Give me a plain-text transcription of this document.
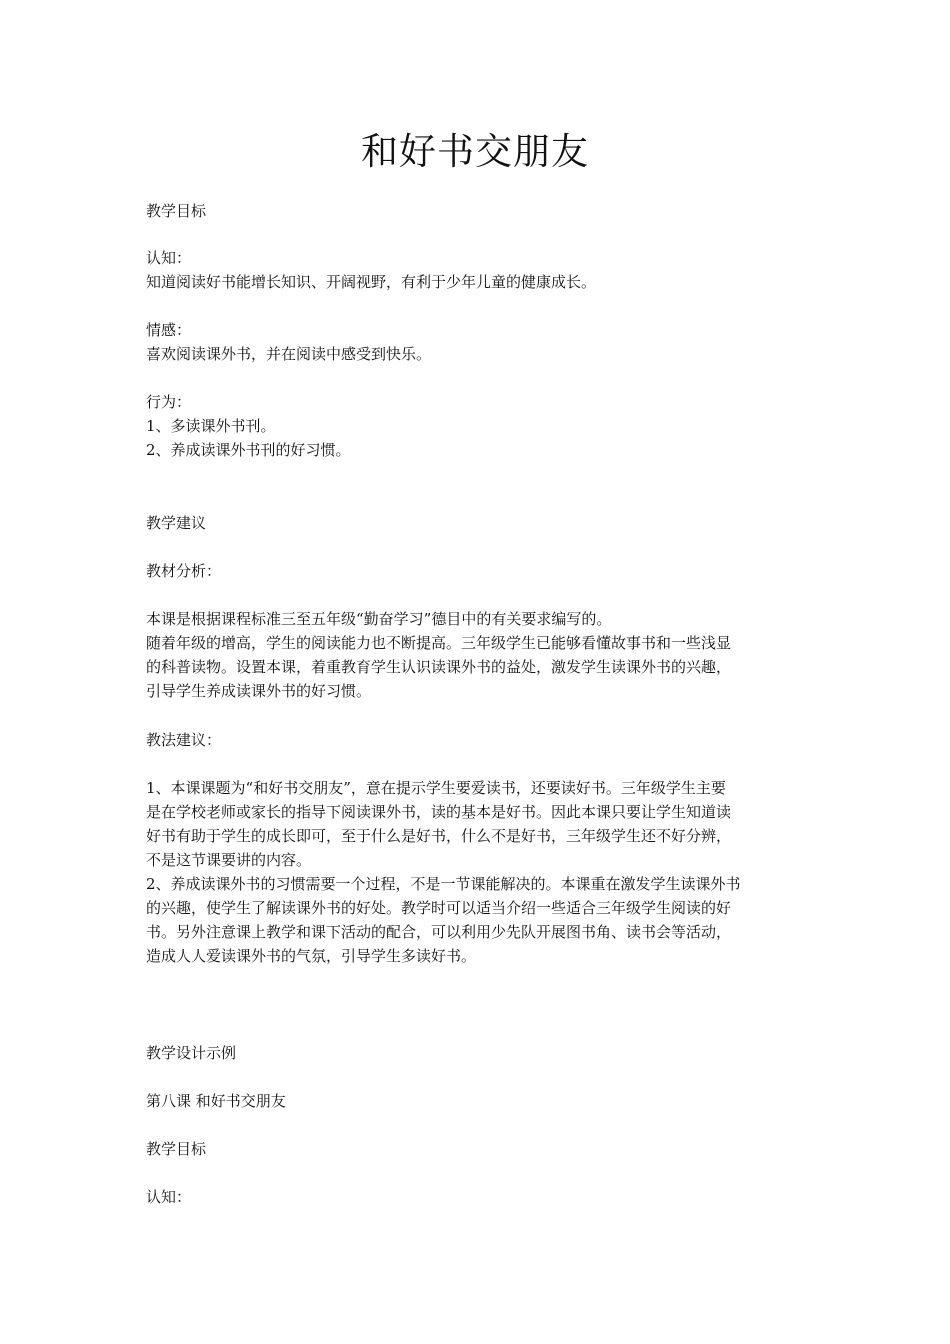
和好书交朋友

教学目标

认知：

知道阅读好书能增长知识、开阔视野，有利于少年儿童的健康成长。

情感：

喜欢阅读课外书，并在阅读中感受到快乐。

行为：

1、多读课外书刊。

2、养成读课外书刊的好习惯。

教学建议

教材分析：

本课是根据课程标准三至五年级“勤奋学习”德目中的有关要求编写的。

随着年级的增高，学生的阅读能力也不断提高。三年级学生已能够看懂故事书和一些浅显

的科普读物。设置本课，着重教育学生认识读课外书的益处，激发学生读课外书的兴趣，

引导学生养成读课外书的好习惯。

教法建议：

1、本课课题为“和好书交朋友”，意在提示学生要爱读书，还要读好书。三年级学生主要

是在学校老师或家长的指导下阅读课外书，读的基本是好书。因此本课只要让学生知道读

好书有助于学生的成长即可，至于什么是好书，什么不是好书，三年级学生还不好分辨，

不是这节课要讲的内容。

2、养成读课外书的习惯需要一个过程，不是一节课能解决的。本课重在激发学生读课外书

的兴趣，使学生了解读课外书的好处。教学时可以适当介绍一些适合三年级学生阅读的好

书。另外注意课上教学和课下活动的配合，可以利用少先队开展图书角、读书会等活动，

造成人人爱读课外书的气氛，引导学生多读好书。

教学设计示例

第八课 和好书交朋友

教学目标

认知：
